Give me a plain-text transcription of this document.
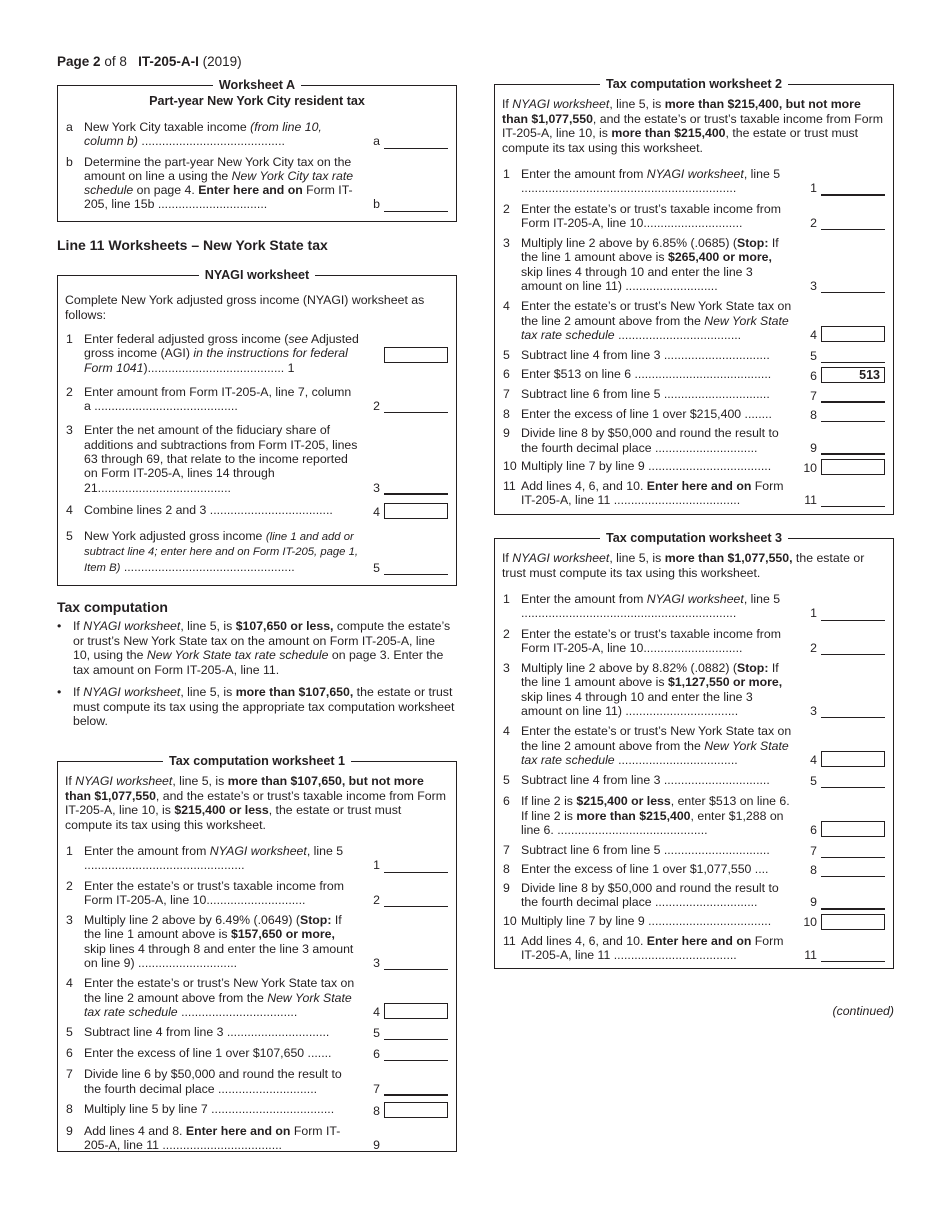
Page 2 of 8 IT-205-A-I (2019)
Worksheet A
Part-year New York City resident tax
a New York City taxable income (from line 10, column b) ..........................................	a
b Determine the part-year New York City tax on the amount on line a using the New York City tax rate schedule on page 4. Enter here and on Form IT-205, line 15b ................................	b
Line 11 Worksheets – New York State tax
NYAGI worksheet
Complete New York adjusted gross income (NYAGI) worksheet as follows:
1 Enter federal adjusted gross income (see Adjusted gross income (AGI) in the instructions for federal Form 1041)........................................ 1
2 Enter amount from Form IT-205-A, line 7, column a ..........................................	2
3 Enter the net amount of the fiduciary share of additions and subtractions from Form IT-205, lines 63 through 69, that relate to the income reported on Form IT-205-A, lines 14 through 21.......................................	3
4 Combine lines 2 and 3 ....................................	4
5 New York adjusted gross income (line 1 and add or subtract line 4; enter here and on Form IT-205, page 1, Item B) ..................................................	5
Tax computation
• If NYAGI worksheet, line 5, is $107,650 or less, compute the estate’s or trust’s New York State tax on the amount on Form IT-205-A, line 10, using the New York State tax rate schedule on page 3. Enter the tax amount on Form IT-205-A, line 11.
• If NYAGI worksheet, line 5, is more than $107,650, the estate or trust must compute its tax using the appropriate tax computation worksheet below.
Tax computation worksheet 1
If NYAGI worksheet, line 5, is more than $107,650, but not more than $1,077,550, and the estate’s or trust’s taxable income from Form IT-205-A, line 10, is $215,400 or less, the estate or trust must compute its tax using this worksheet.
1 Enter the amount from NYAGI worksheet, line 5 ...............................................	1
2 Enter the estate’s or trust’s taxable income from Form IT-205-A, line 10.............................	2
3 Multiply line 2 above by 6.49% (.0649) (Stop: If the line 1 amount above is $157,650 or more, skip lines 4 through 8 and enter the line 3 amount on line 9) .............................	3
4 Enter the estate’s or trust’s New York State tax on the line 2 amount above from the New York State tax rate schedule ..................................	4
5 Subtract line 4 from line 3 ..............................	5
6 Enter the excess of line 1 over $107,650 .......	6
7 Divide line 6 by $50,000 and round the result to the fourth decimal place .............................	7
8 Multiply line 5 by line 7 ....................................	8
9 Add lines 4 and 8. Enter here and on Form IT-205-A, line 11 ...................................	9
Tax computation worksheet 2
If NYAGI worksheet, line 5, is more than $215,400, but not more than $1,077,550, and the estate’s or trust’s taxable income from Form IT-205-A, line 10, is more than $215,400, the estate or trust must compute its tax using this worksheet.
1 Enter the amount from NYAGI worksheet, line 5 ...............................................................	1
2 Enter the estate’s or trust’s taxable income from Form IT-205-A, line 10.............................	2
3 Multiply line 2 above by 6.85% (.0685) (Stop: If the line 1 amount above is $265,400 or more, skip lines 4 through 10 and enter the line 3 amount on line 11) ...........................	3
4 Enter the estate’s or trust’s New York State tax on the line 2 amount above from the New York State tax rate schedule ....................................	4
5 Subtract line 4 from line 3 ...............................	5
6 Enter $513 on line 6 ........................................	6	513
7 Subtract line 6 from line 5 ...............................	7
8 Enter the excess of line 1 over $215,400 ........	8
9 Divide line 8 by $50,000 and round the result to the fourth decimal place ..............................	9
10 Multiply line 7 by line 9 ....................................	10
11 Add lines 4, 6, and 10. Enter here and on Form IT-205-A, line 11 .....................................	11
Tax computation worksheet 3
If NYAGI worksheet, line 5, is more than $1,077,550, the estate or trust must compute its tax using this worksheet.
1 Enter the amount from NYAGI worksheet, line 5 ...............................................................	1
2 Enter the estate’s or trust’s taxable income from Form IT-205-A, line 10.............................	2
3 Multiply line 2 above by 8.82% (.0882) (Stop: If the line 1 amount above is $1,127,550 or more, skip lines 4 through 10 and enter the line 3 amount on line 11) .................................	3
4 Enter the estate’s or trust’s New York State tax on the line 2 amount above from the New York State tax rate schedule ...................................	4
5 Subtract line 4 from line 3 ...............................	5
6 If line 2 is $215,400 or less, enter $513 on line 6. If line 2 is more than $215,400, enter $1,288 on line 6. ............................................	6
7 Subtract line 6 from line 5 ...............................	7
8 Enter the excess of line 1 over $1,077,550 ....	8
9 Divide line 8 by $50,000 and round the result to the fourth decimal place ..............................	9
10 Multiply line 7 by line 9 ....................................	10
11 Add lines 4, 6, and 10. Enter here and on Form IT-205-A, line 11 ....................................	11
(continued)
